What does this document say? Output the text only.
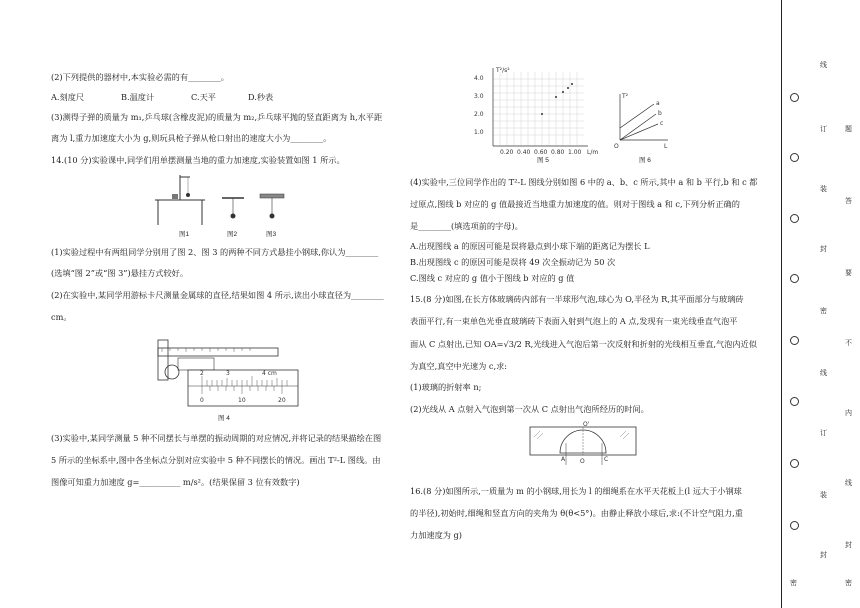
(2)下列提供的器材中,本实验必需的有________。
A.刻度尺	B.温度计	C.天平	D.秒表
(3)测得子弹的质量为 m₁,乒乓球(含橡皮泥)的质量为 m₂,乒乓球平抛的竖直距离为 h,水平距
离为 l,重力加速度大小为 g,则玩具枪子弹从枪口射出的速度大小为________。
14.(10 分)实验课中,同学们用单摆测量当地的重力加速度,实验装置如图 1 所示。
图1	图2	图3
(1)实验过程中有两组同学分别用了图 2、图 3 的两种不同方式悬挂小钢球,你认为________
(选填“图 2”或“图 3”)悬挂方式较好。
(2)在实验中,某同学用游标卡尺测量金属球的直径,结果如图 4 所示,读出小球直径为________
cm。
2	3	4 cm
0	10	20
图 4
(3)实验中,某同学测量 5 种不同摆长与单摆的振动周期的对应情况,并将记录的结果描绘在图
5 所示的坐标系中,图中各坐标点分别对应实验中 5 种不同摆长的情况。画出 T²-L 图线。由
图像可知重力加速度 g=__________ m/s²。(结果保留 3 位有效数字)
4.0
3.0
2.0
1.0
T²/s²
0.20 0.40 0.60 0.80 1.00 L/m
图 5
a
b
c
T²
L
O
图 6
(4)实验中,三位同学作出的 T²-L 图线分别如图 6 中的 a、b、c 所示,其中 a 和 b 平行,b 和 c 都
过原点,图线 b 对应的 g 值最接近当地重力加速度的值。则对于图线 a 和 c,下列分析正确的
是________(填选项前的字母)。
A.出现图线 a 的原因可能是误将悬点到小球下端的距离记为摆长 L
B.出现图线 c 的原因可能是误将 49 次全振动记为 50 次
C.图线 c 对应的 g 值小于图线 b 对应的 g 值
15.(8 分)如图,在长方体玻璃砖内部有一半球形气泡,球心为 O,半径为 R,其平面部分与玻璃砖
表面平行,有一束单色光垂直玻璃砖下表面入射到气泡上的 A 点,发现有一束光线垂直气泡平
面从 C 点射出,已知 OA=√3/2 R,光线进入气泡后第一次反射和折射的光线相互垂直,气泡内近似
为真空,真空中光速为 c,求:
(1)玻璃的折射率 n;
(2)光线从 A 点射入气泡到第一次从 C 点射出气泡所经历的时间。
O'
A O	C
16.(8 分)如图所示,一质量为 m 的小钢球,用长为 l 的细绳系在水平天花板上(l 远大于小钢球
的半径),初始时,细绳和竖直方向的夹角为 θ(θ<5°)。由静止释放小球后,求:(不计空气阻力,重
力加速度为 g)
线
订
装
封
密
线
订
装
封
密
题
答
要
不
内
线
封
密
